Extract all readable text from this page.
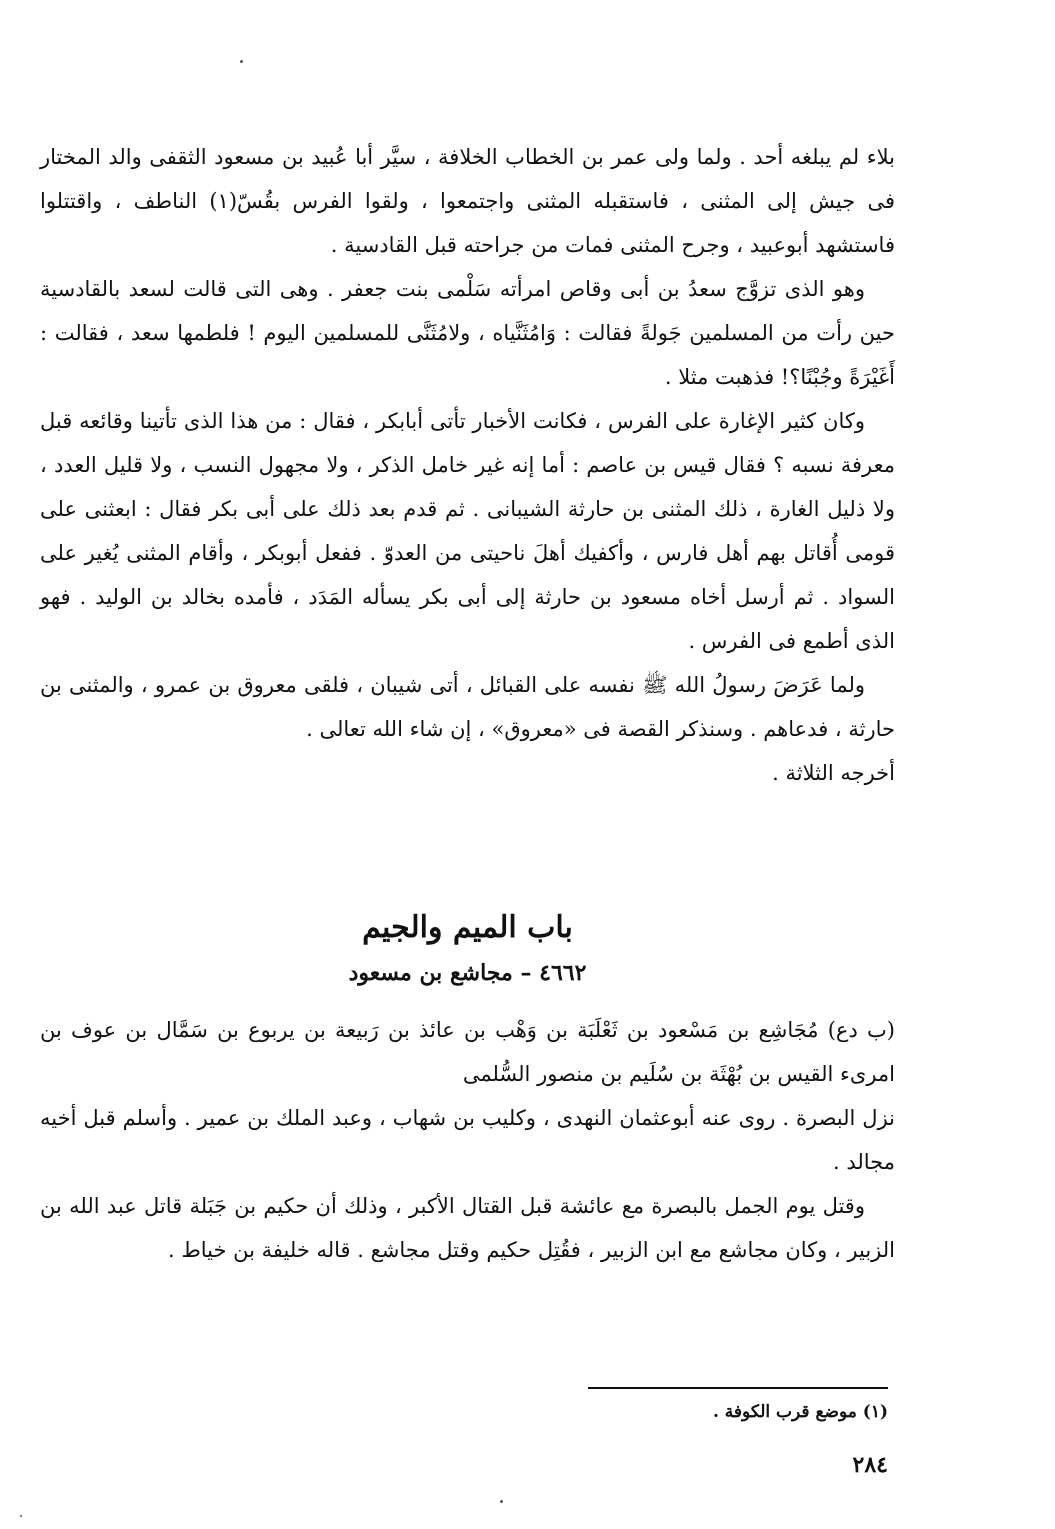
بلاء لم يبلغه أحد . ولما ولى عمر بن الخطاب الخلافة ، سيَّر أبا عُبيد بن مسعود الثقفى والد المختار فى جيش إلى المثنى ، فاستقبله المثنى واجتمعوا ، ولقوا الفرس بقُسّ(١) الناطف ، واقتتلوا فاستشهد أبوعبيد ، وجرح المثنى فمات من جراحته قبل القادسية .

وهو الذى تزوَّج سعدُ بن أبى وقاص امرأته سَلْمى بنت جعفر . وهى التى قالت لسعد بالقادسية حين رأت من المسلمين جَولةً فقالت : وَامُثَنَّياه ، ولامُثَنَّى للمسلمين اليوم ! فلطمها سعد ، فقالت : أَغَيْرَةً وجُبْنًا؟! فذهبت مثلا .

وكان كثير الإغارة على الفرس ، فكانت الأخبار تأتى أبابكر ، فقال : من هذا الذى تأتينا وقائعه قبل معرفة نسبه ؟ فقال قيس بن عاصم : أما إنه غير خامل الذكر ، ولا مجهول النسب ، ولا قليل العدد ، ولا ذليل الغارة ، ذلك المثنى بن حارثة الشيبانى . ثم قدم بعد ذلك على أبى بكر فقال : ابعثنى على قومى أُقاتل بهم أهل فارس ، وأكفيك أهلَ ناحيتى من العدوّ . ففعل أبوبكر ، وأقام المثنى يُغير على السواد . ثم أرسل أخاه مسعود بن حارثة إلى أبى بكر يسأله المَدَد ، فأمده بخالد بن الوليد . فهو الذى أطمع فى الفرس .

ولما عَرَضَ رسولُ الله ﷺ نفسه على القبائل ، أتى شيبان ، فلقى معروق بن عمرو ، والمثنى بن حارثة ، فدعاهم . وسنذكر القصة فى «معروق» ، إن شاء الله تعالى .

أخرجه الثلاثة .

باب الميم والجيم
٤٦٦٢ – مجاشع بن مسعود

(ب دع) مُجَاشِع بن مَسْعود بن ثَعْلَبَة بن وَهْب بن عائذ بن رَبيعة بن يربوع بن سَمَّال بن عوف بن امرىء القيس بن بُهْثَة بن سُلَيم بن منصور السُّلمى

نزل البصرة . روى عنه أبوعثمان النهدى ، وكليب بن شهاب ، وعبد الملك بن عمير . وأسلم قبل أخيه مجالد .

وقتل يوم الجمل بالبصرة مع عائشة قبل القتال الأكبر ، وذلك أن حكيم بن جَبَلة قاتل عبد الله بن الزبير ، وكان مجاشع مع ابن الزبير ، فقُتِل حكيم وقتل مجاشع . قاله خليفة بن خياط .

(١) موضع قرب الكوفة .

٢٨٤
